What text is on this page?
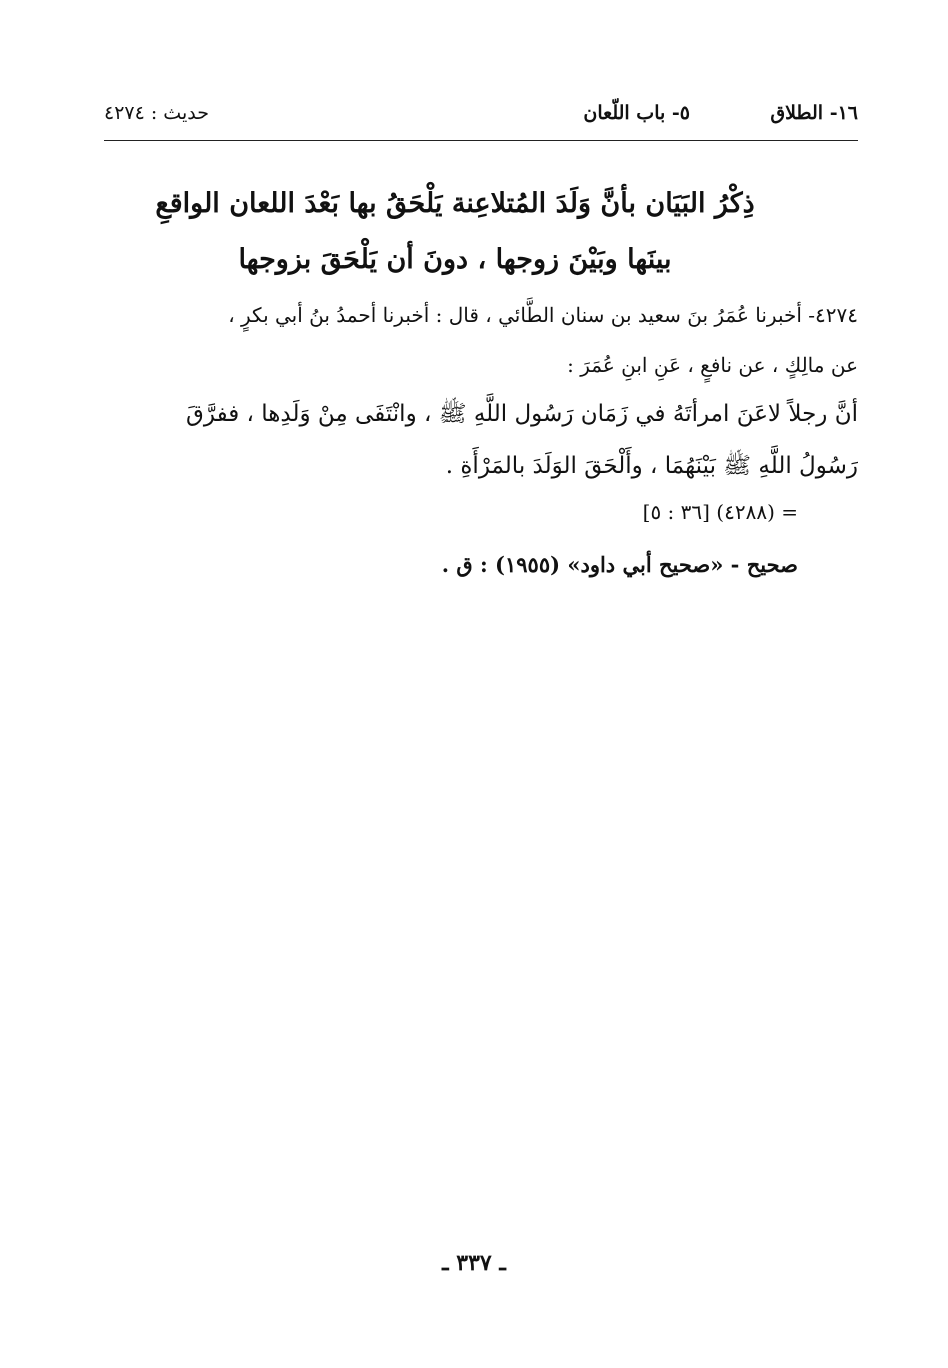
١٦- الطلاق
٥- باب اللّعان
حديث : ٤٢٧٤
ذِكْرُ البَيَان بأنَّ وَلَدَ المُتلاعِنة يَلْحَقُ بها بَعْدَ اللعان الواقعِ
بينَها وبَيْنَ زوجها ، دونَ أن يَلْحَقَ بزوجها
٤٢٧٤- أخبرنا عُمَرُ بنَ سعيد بن سنان الطَّائي ، قال : أخبرنا أحمدُ بنُ أبي بكرٍ ،
عن مالِكٍ ، عن نافعٍ ، عَنِ ابنِ عُمَرَ :
أنَّ رجلاً لاعَنَ امرأتَهُ في زَمَان رَسُول اللَّهِ ﷺ ، وانْتَفَى مِنْ وَلَدِها ، ففرَّقَ
رَسُولُ اللَّهِ ﷺ بَيْنَهُمَا ، وأَلْحَقَ الوَلَدَ بالمَرْأَةِ .
= (٤٢٨٨) [٣٦ : ٥]
صحيح - «صحيح أبي داود» (١٩٥٥) : ق .
ـ ٣٣٧ ـ
